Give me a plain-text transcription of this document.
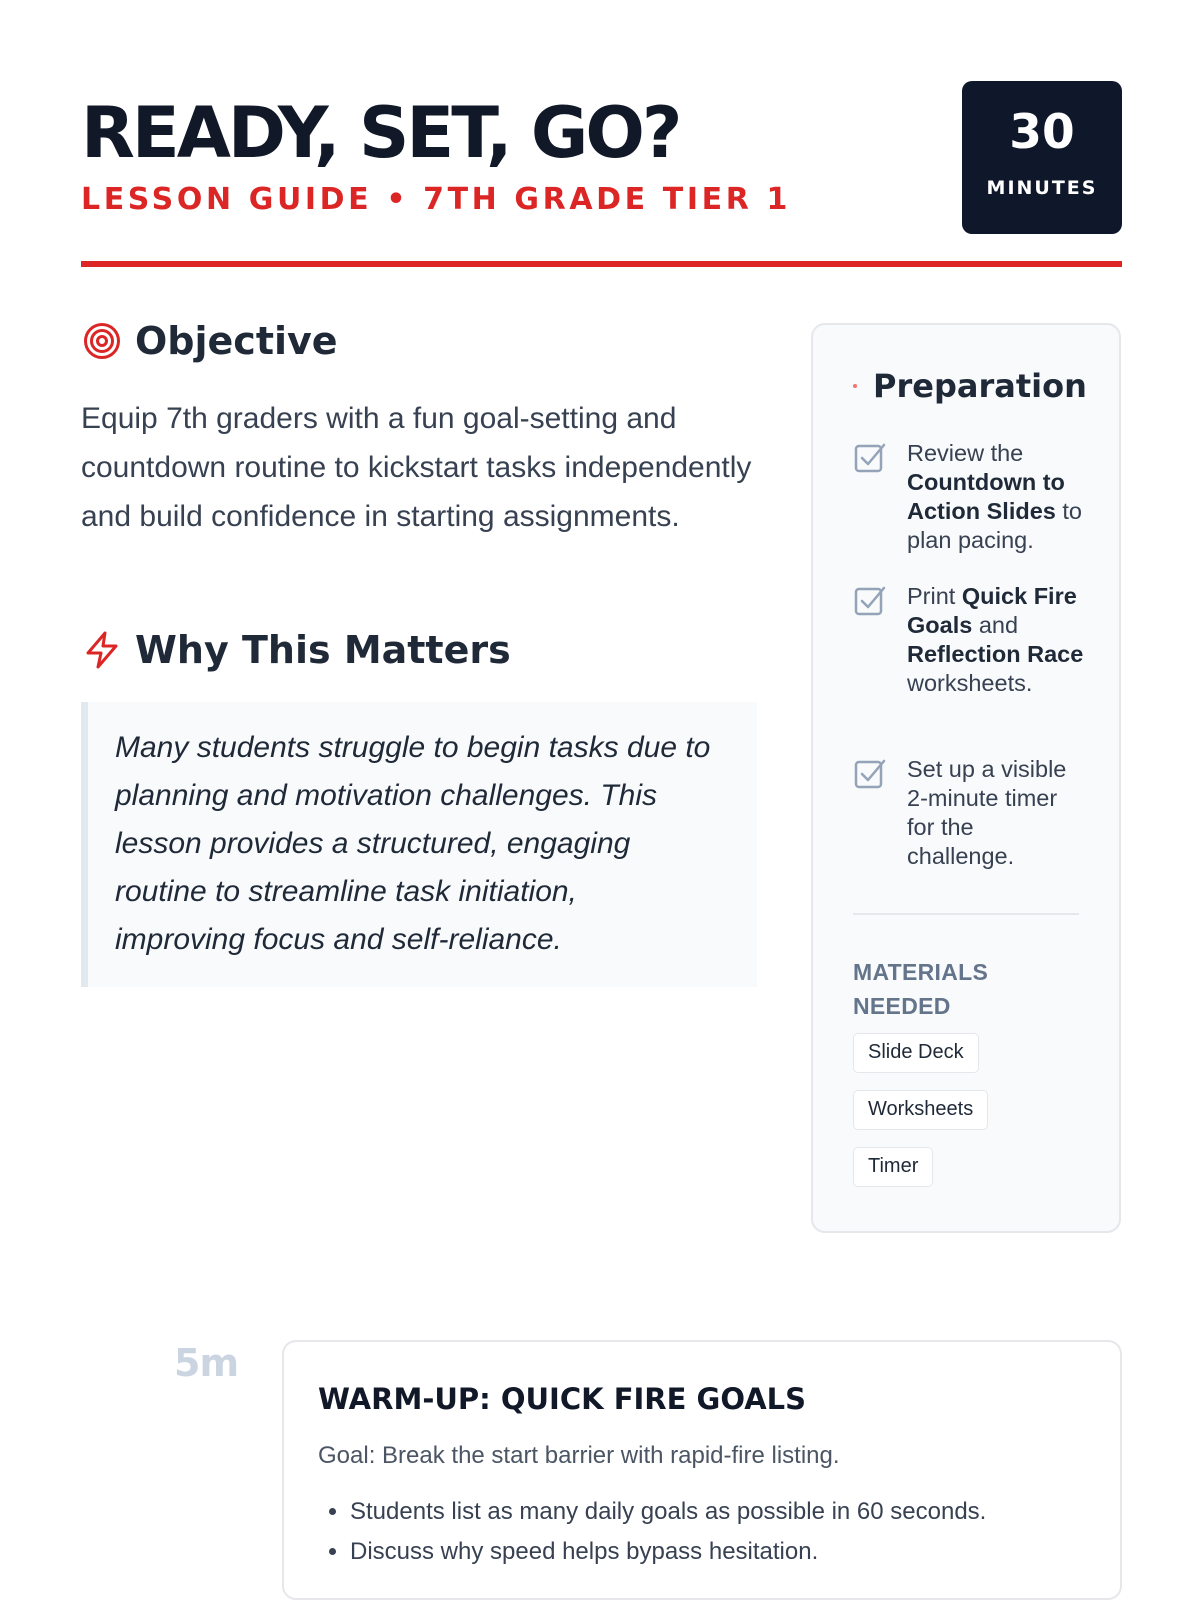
READY, SET, GO?
LESSON GUIDE • 7TH GRADE TIER 1
30
MINUTES
Objective

Equip 7th graders with a fun goal-setting and countdown routine to kickstart tasks independently and build confidence in starting assignments.

Why This Matters

Many students struggle to begin tasks due to

planning and motivation challenges. This

lesson provides a structured, engaging

routine to streamline task initiation,

improving focus and self-reliance.

Preparation
Review the Countdown to Action Slides to plan pacing.
Print Quick Fire Goals and Reflection Race worksheets.
Set up a visible 2-minute timer for the challenge.
MATERIALS NEEDED
Slide Deck
Worksheets
Timer
5m
WARM-UP: QUICK FIRE GOALS
Goal: Break the start barrier with rapid-fire listing.
• Students list as many daily goals as possible in 60 seconds.
• Discuss why speed helps bypass hesitation.
